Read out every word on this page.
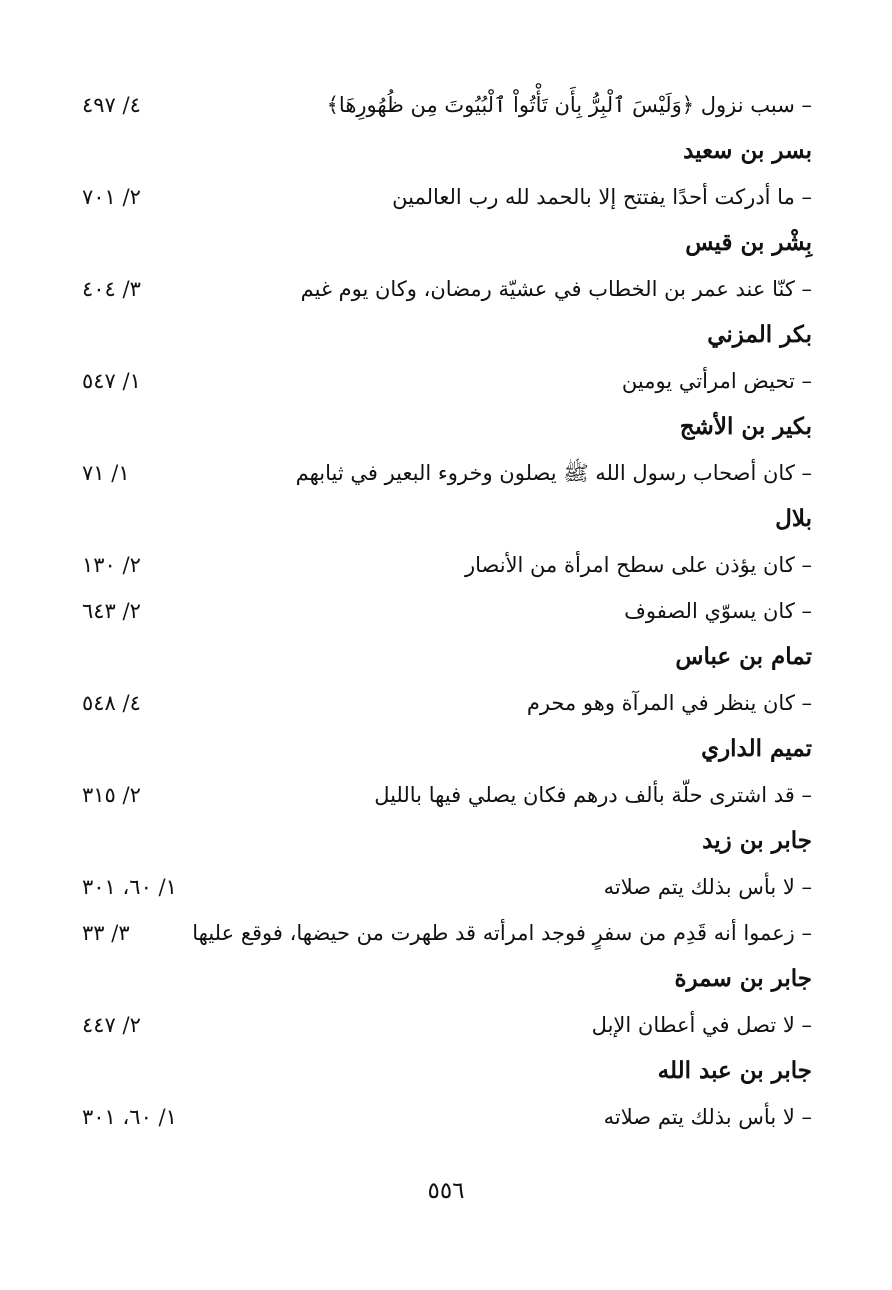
– سبب نزول ﴿وَلَيْسَ ٱلْبِرُّ بِأَن تَأْتُواْ ٱلْبُيُوتَ مِن ظُهُورِهَا﴾
٤/ ٤٩٧
بسر بن سعيد
– ما أدركت أحدًا يفتتح إلا بالحمد لله رب العالمين
٢/ ٧٠١
بِشْر بن قيس
– كنّا عند عمر بن الخطاب في عشيّة رمضان، وكان يوم غيم
٣/ ٤٠٤
بكر المزني
– تحيض امرأتي يومين
١/ ٥٤٧
بكير بن الأشج
– كان أصحاب رسول الله ﷺ يصلون وخروء البعير في ثيابهم
١/ ٧١
بلال
– كان يؤذن على سطح امرأة من الأنصار
٢/ ١٣٠
– كان يسوّي الصفوف
٢/ ٦٤٣
تمام بن عباس
– كان ينظر في المرآة وهو محرم
٤/ ٥٤٨
تميم الداري
– قد اشترى حلّة بألف درهم فكان يصلي فيها بالليل
٢/ ٣١٥
جابر بن زيد
– لا بأس بذلك يتم صلاته
١/ ٦٠، ٣٠١
– زعموا أنه قَدِم من سفرٍ فوجد امرأته قد طهرت من حيضها، فوقع عليها
٣/ ٣٣
جابر بن سمرة
– لا تصل في أعطان الإبل
٢/ ٤٤٧
جابر بن عبد الله
– لا بأس بذلك يتم صلاته
١/ ٦٠، ٣٠١
٥٥٦
